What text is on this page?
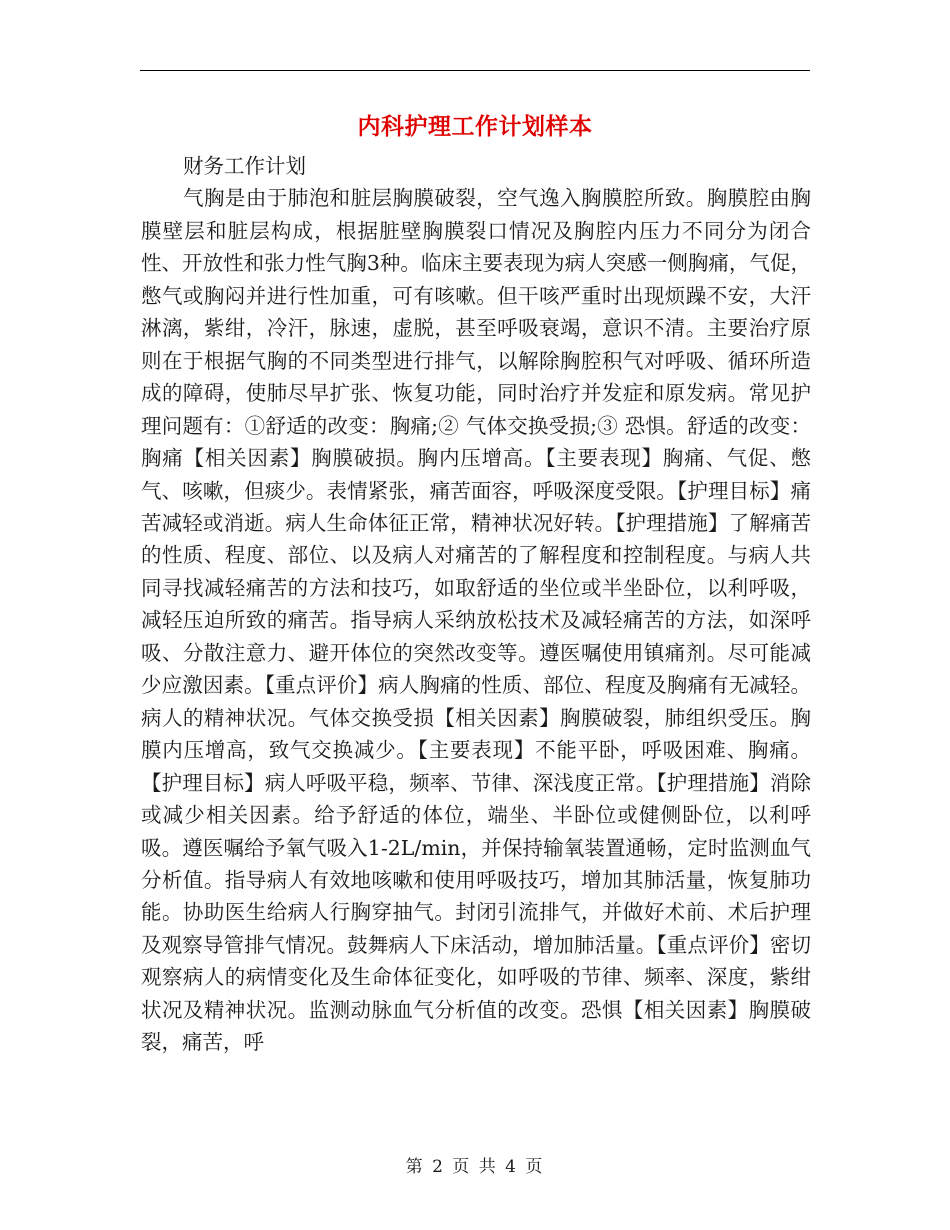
内科护理工作计划样本

财务工作计划

气胸是由于肺泡和脏层胸膜破裂，空气逸入胸膜腔所致。胸膜腔由胸膜壁层和脏层构成，根据脏壁胸膜裂口情况及胸腔内压力不同分为闭合性、开放性和张力性气胸3种。临床主要表现为病人突感一侧胸痛，气促，憋气或胸闷并进行性加重，可有咳嗽。但干咳严重时出现烦躁不安，大汗淋漓，紫绀，冷汗，脉速，虚脱，甚至呼吸衰竭，意识不清。主要治疗原则在于根据气胸的不同类型进行排气，以解除胸腔积气对呼吸、循环所造成的障碍，使肺尽早扩张、恢复功能，同时治疗并发症和原发病。常见护理问题有：①舒适的改变：胸痛;② 气体交换受损;③ 恐惧。舒适的改变：胸痛【相关因素】胸膜破损。胸内压增高。【主要表现】胸痛、气促、憋气、咳嗽，但痰少。表情紧张，痛苦面容，呼吸深度受限。【护理目标】痛苦减轻或消逝。病人生命体征正常，精神状况好转。【护理措施】了解痛苦的性质、程度、部位、以及病人对痛苦的了解程度和控制程度。与病人共同寻找减轻痛苦的方法和技巧，如取舒适的坐位或半坐卧位，以利呼吸，减轻压迫所致的痛苦。指导病人采纳放松技术及减轻痛苦的方法，如深呼吸、分散注意力、避开体位的突然改变等。遵医嘱使用镇痛剂。尽可能减少应激因素。【重点评价】病人胸痛的性质、部位、程度及胸痛有无减轻。病人的精神状况。气体交换受损【相关因素】胸膜破裂，肺组织受压。胸膜内压增高，致气交换减少。【主要表现】不能平卧，呼吸困难、胸痛。【护理目标】病人呼吸平稳，频率、节律、深浅度正常。【护理措施】消除或减少相关因素。给予舒适的体位，端坐、半卧位或健侧卧位，以利呼吸。遵医嘱给予氧气吸入1-2L/min，并保持输氧装置通畅，定时监测血气分析值。指导病人有效地咳嗽和使用呼吸技巧，增加其肺活量，恢复肺功能。协助医生给病人行胸穿抽气。封闭引流排气，并做好术前、术后护理及观察导管排气情况。鼓舞病人下床活动，增加肺活量。【重点评价】密切观察病人的病情变化及生命体征变化，如呼吸的节律、频率、深度，紫绀状况及精神状况。监测动脉血气分析值的改变。恐惧【相关因素】胸膜破裂，痛苦，呼

第 2 页 共 4 页
